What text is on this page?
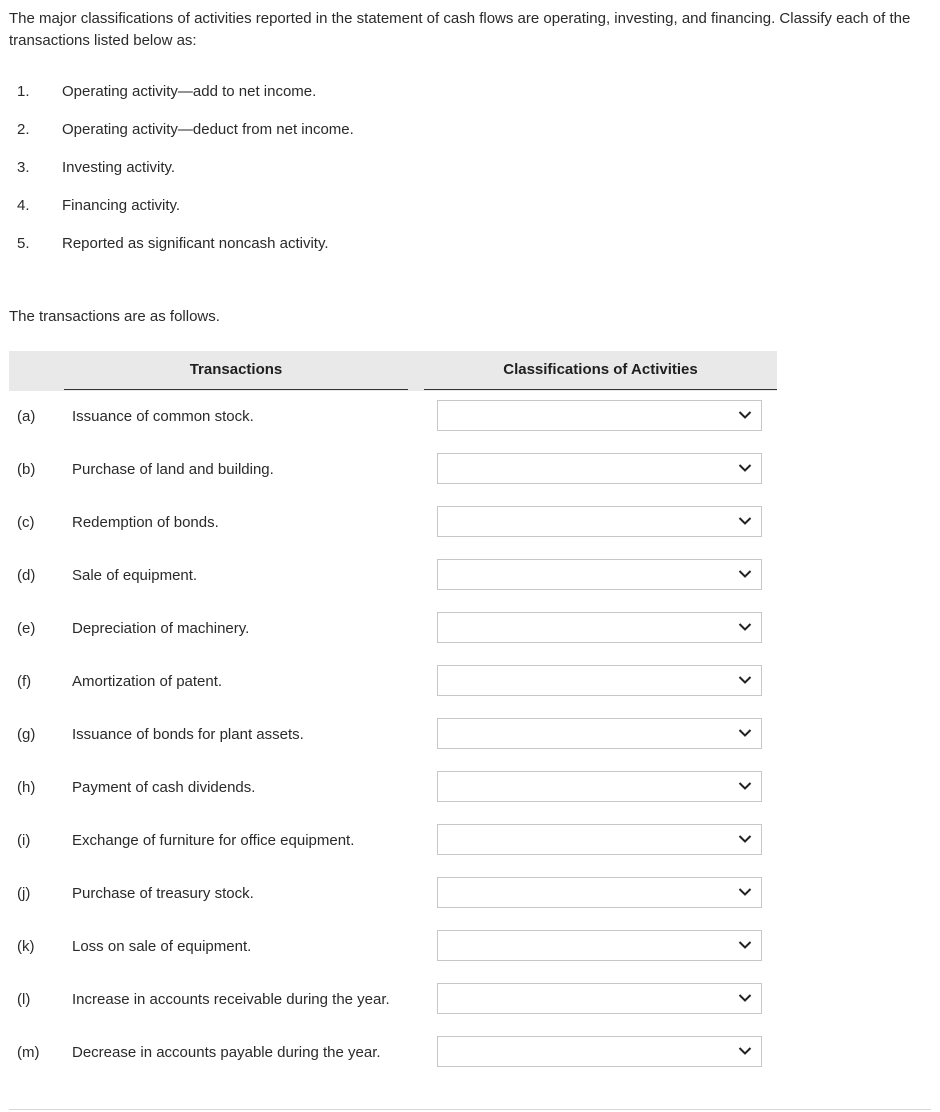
The major classifications of activities reported in the statement of cash flows are operating, investing, and financing. Classify each of the transactions listed below as:

1. Operating activity—add to net income.
2. Operating activity—deduct from net income.
3. Investing activity.
4. Financing activity.
5. Reported as significant noncash activity.

The transactions are as follows.

Transactions	Classifications of Activities
(a) Issuance of common stock.
(b) Purchase of land and building.
(c)	Redemption of bonds.
(d) Sale of equipment.
(e) Depreciation of machinery.
(f)	Amortization of patent.
(g) Issuance of bonds for plant assets.
(h) Payment of cash dividends.
(i)	Exchange of furniture for office equipment.
(j)	Purchase of treasury stock.
(k)	Loss on sale of equipment.
(l)	Increase in accounts receivable during the year.
(m) Decrease in accounts payable during the year.
